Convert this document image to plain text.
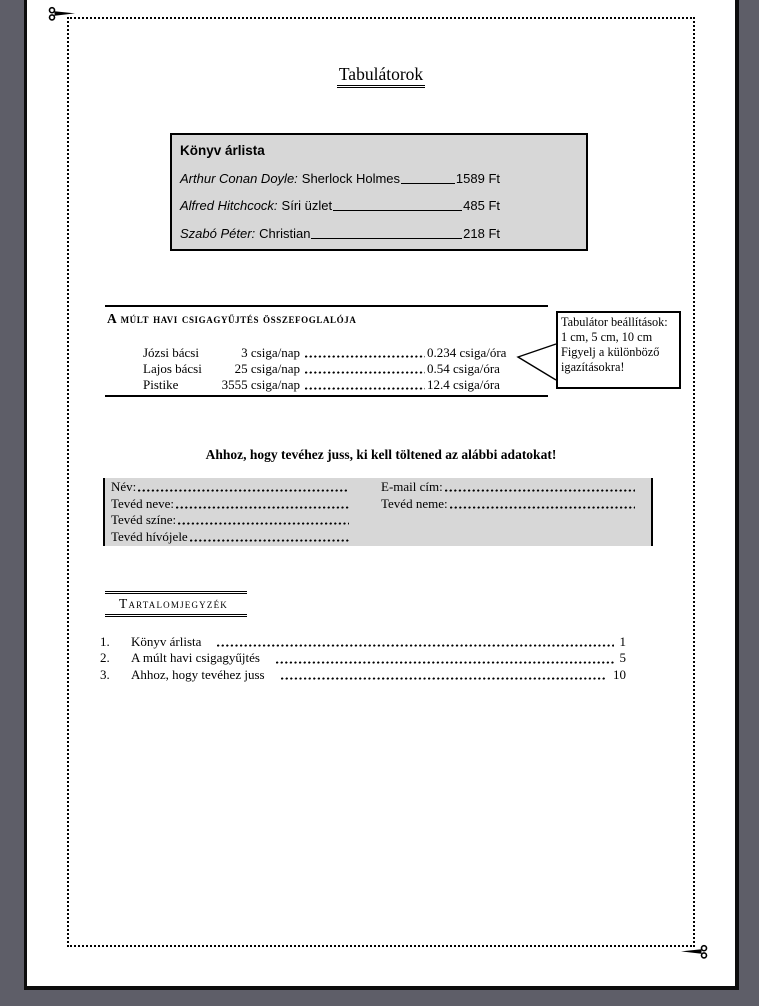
Tabulátorok
Könyv árlista
Arthur Conan Doyle: Sherlock Holmes	1589 Ft
Alfred Hitchcock: Síri üzlet	485 Ft
Szabó Péter: Christian	218 Ft
A múlt havi csigagyűjtés összefoglalója
Józsi bácsi	3 csiga/nap	0.234 csiga/óra
Lajos bácsi	25 csiga/nap	0.54 csiga/óra
Pistike	3555 csiga/nap	12.4 csiga/óra
Tabulátor beállítások: 1 cm, 5 cm, 10 cm
Figyelj a különböző igazításokra!
Ahhoz, hogy tevéhez juss, ki kell töltened az alábbi adatokat!
Név:	E-mail cím:
Tevéd neve:	Tevéd neme:
Tevéd színe:
Tevéd hívójele
Tartalomjegyzék
1.	Könyv árlista	1
2.	A múlt havi csigagyűjtés	5
3.	Ahhoz, hogy tevéhez juss	10
